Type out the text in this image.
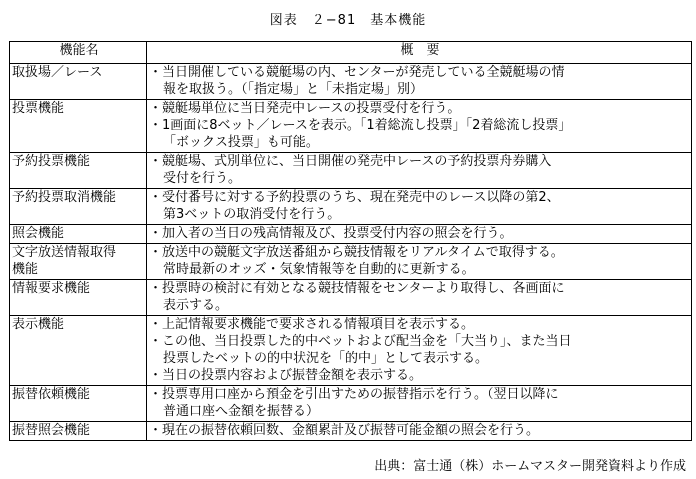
図表　２−81　基本機能
機能名	概　要

取扱場／レース	・当日開催している競艇場の内、センターが発売している全競艇場の情
報を取扱う。（「指定場」と「未指定場」別）

投票機能	・競艇場単位に当日発売中レースの投票受付を行う。
・1画面に8ベット／レースを表示。「1着総流し投票」「2着総流し投票」
「ボックス投票」も可能。

予約投票機能	・競艇場、式別単位に、当日開催の発売中レースの予約投票舟券購入
受付を行う。

予約投票取消機能	・受付番号に対する予約投票のうち、現在発売中のレース以降の第2、
第3ベットの取消受付を行う。

照会機能	・加入者の当日の残高情報及び、投票受付内容の照会を行う。

文字放送情報取得
機能	・放送中の競艇文字放送番組から競技情報をリアルタイムで取得する。
常時最新のオッズ・気象情報等を自動的に更新する。

情報要求機能	・投票時の検討に有効となる競技情報をセンターより取得し、各画面に
表示する。

表示機能	・上記情報要求機能で要求される情報項目を表示する。
・この他、当日投票した的中ベットおよび配当金を「大当り」、また当日
投票したベットの的中状況を「的中」として表示する。
・当日の投票内容および振替金額を表示する。

振替依頼機能	・投票専用口座から預金を引出すための振替指示を行う。（翌日以降に
普通口座へ金額を振替る）

振替照会機能	・現在の振替依頼回数、金額累計及び振替可能金額の照会を行う。
出典：富士通（株）ホームマスター開発資料より作成
